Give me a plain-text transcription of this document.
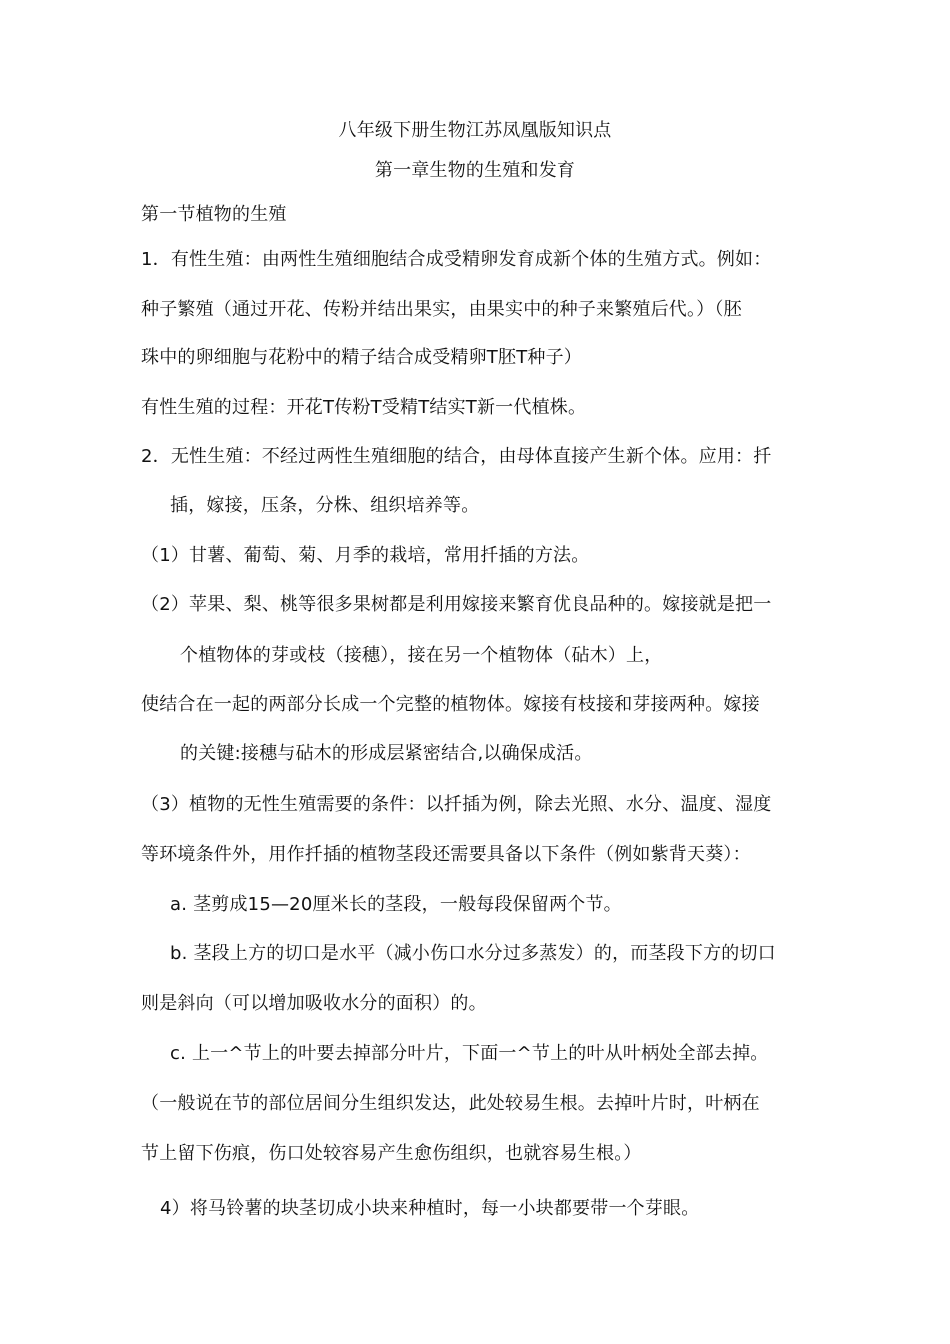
八年级下册生物江苏凤凰版知识点
第一章生物的生殖和发育
第一节植物的生殖
1．有性生殖：由两性生殖细胞结合成受精卵发育成新个体的生殖方式。例如：
种子繁殖（通过开花、传粉并结出果实，由果实中的种子来繁殖后代。）（胚
珠中的卵细胞与花粉中的精子结合成受精卵T胚T种子）
有性生殖的过程：开花T传粉T受精T结实T新一代植株。
2．无性生殖：不经过两性生殖细胞的结合，由母体直接产生新个体。应用：扦
插，嫁接，压条，分株、组织培养等。
（1）甘薯、葡萄、菊、月季的栽培，常用扦插的方法。
（2）苹果、梨、桃等很多果树都是利用嫁接来繁育优良品种的。嫁接就是把一
个植物体的芽或枝（接穗），接在另一个植物体（砧木）上，
使结合在一起的两部分长成一个完整的植物体。嫁接有枝接和芽接两种。嫁接
的关键:接穗与砧木的形成层紧密结合,以确保成活。
（3）植物的无性生殖需要的条件：以扦插为例，除去光照、水分、温度、湿度
等环境条件外，用作扦插的植物茎段还需要具备以下条件（例如紫背天葵）：
a. 茎剪成15—20厘米长的茎段，一般每段保留两个节。
b. 茎段上方的切口是水平（减小伤口水分过多蒸发）的，而茎段下方的切口
则是斜向（可以增加吸收水分的面积）的。
c. 上一^节上的叶要去掉部分叶片，下面一^节上的叶从叶柄处全部去掉。
（一般说在节的部位居间分生组织发达，此处较易生根。去掉叶片时，叶柄在
节上留下伤痕，伤口处较容易产生愈伤组织，也就容易生根。）
4）将马铃薯的块茎切成小块来种植时，每一小块都要带一个芽眼。
